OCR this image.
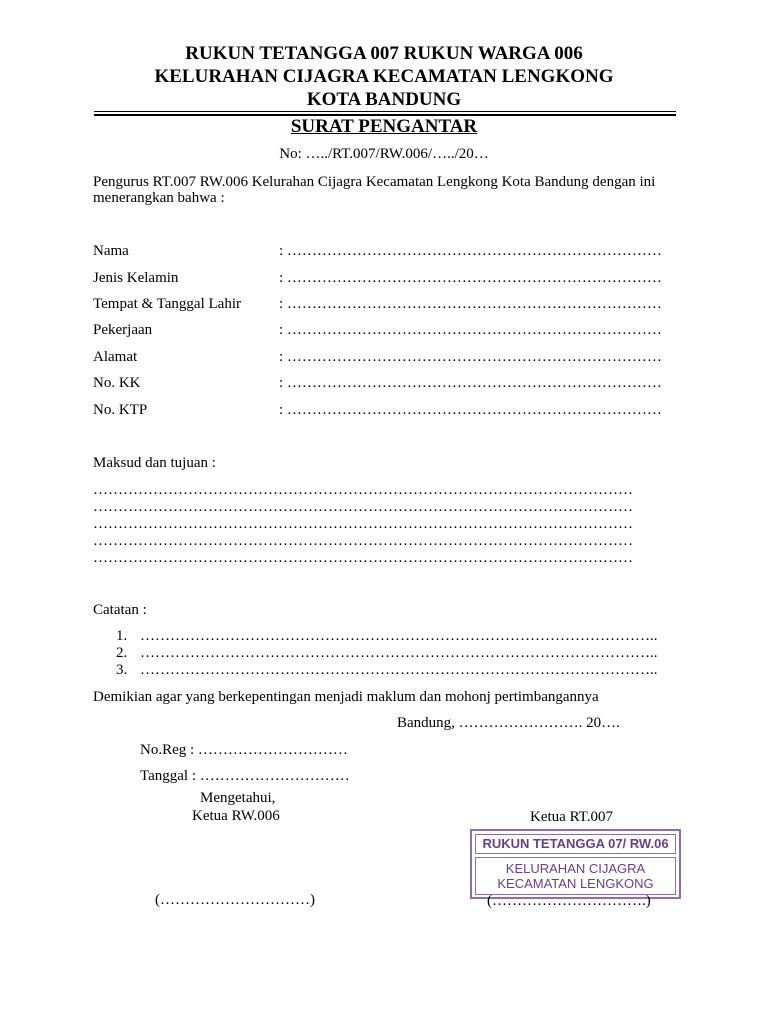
RUKUN TETANGGA 007 RUKUN WARGA 006
KELURAHAN CIJAGRA KECAMATAN LENGKONG
KOTA BANDUNG
SURAT PENGANTAR
No: …../RT.007/RW.006/…../20…
Pengurus RT.007 RW.006 Kelurahan Cijagra Kecamatan Lengkong Kota Bandung dengan ini
menerangkan bahwa :
Nama	: …………………………………………………………………
Jenis Kelamin	: …………………………………………………………………
Tempat & Tanggal Lahir	: …………………………………………………………………
Pekerjaan	: …………………………………………………………………
Alamat	: …………………………………………………………………
No. KK	: …………………………………………………………………
No. KTP	: …………………………………………………………………
Maksud dan tujuan :
………………………………………………………………………………………………
………………………………………………………………………………………………
………………………………………………………………………………………………
………………………………………………………………………………………………
………………………………………………………………………………………………
Catatan :
1. …………………………………………………………………………………………..
2. …………………………………………………………………………………………..
3. …………………………………………………………………………………………..
Demikian agar yang berkepentingan menjadi maklum dan mohonj pertimbangannya
Bandung, ……………………. 20….
No.Reg : …………………………
Tanggal : …………………………
Mengetahui,
Ketua RW.006	Ketua RT.007
RUKUN TETANGGA 07/ RW.06
KELURAHAN CIJAGRA
KECAMATAN LENGKONG
(…………………………)	(………………………….)
